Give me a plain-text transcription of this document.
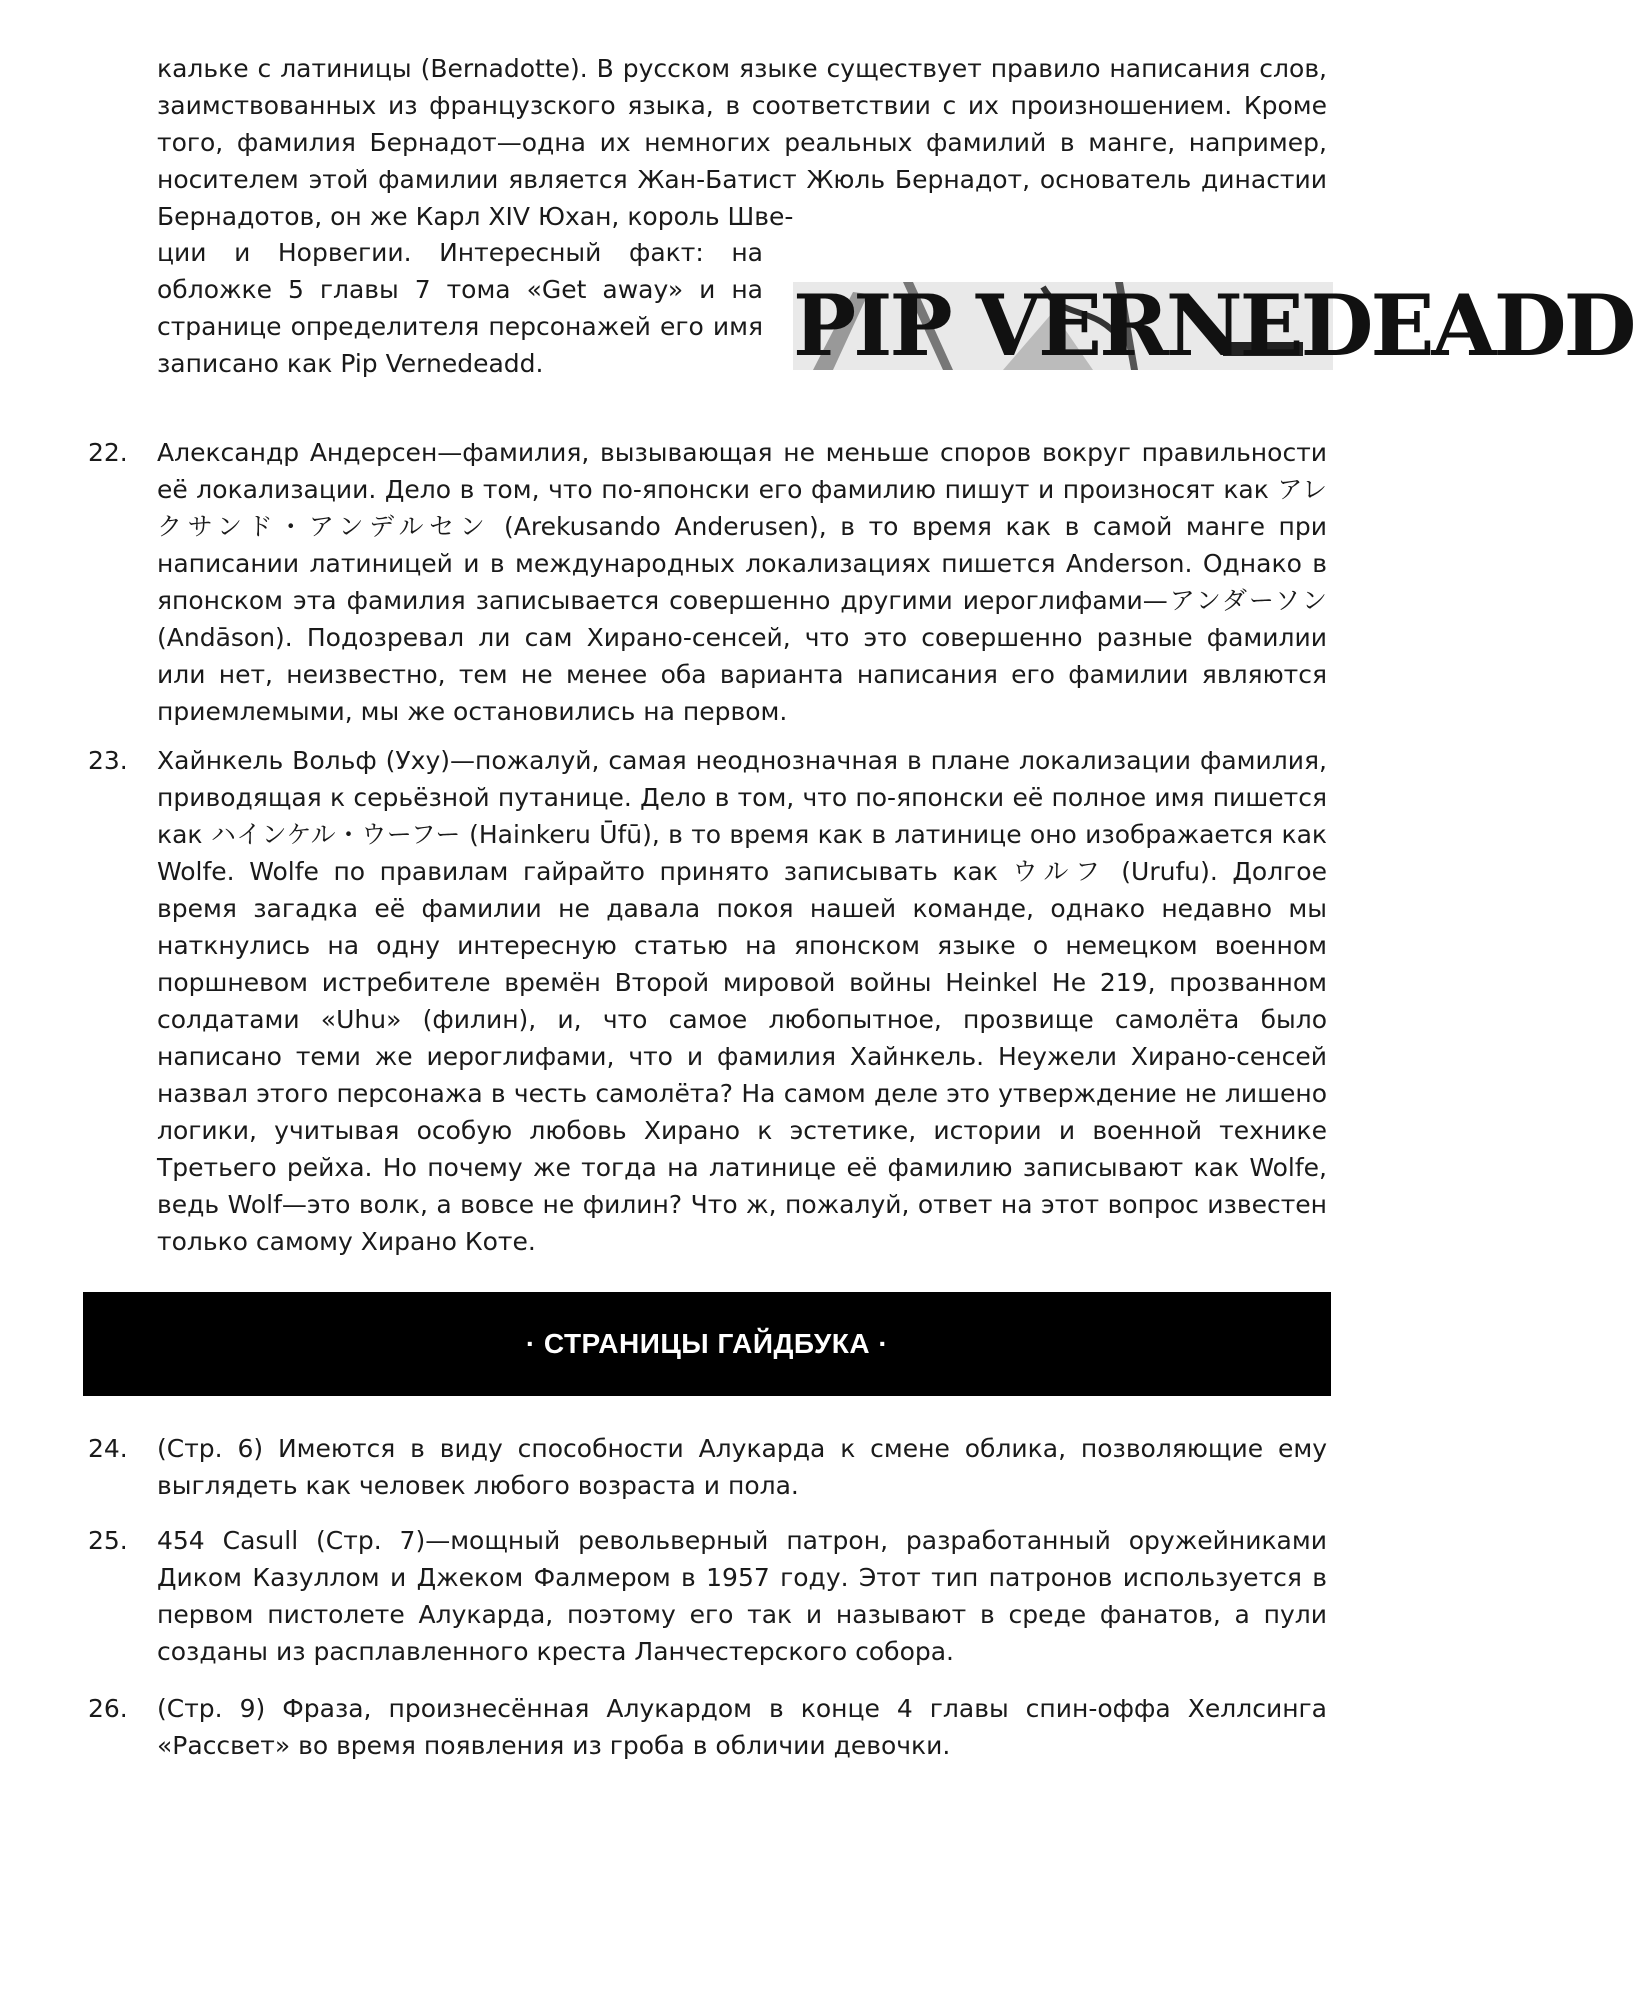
кальке с латиницы (Bernadotte). В русском языке существует правило написания слов, заимствованных из французского языка, в соответствии с их произношением. Кроме того, фамилия Бернадот—одна их немногих реальных фамилий в манге, например, носителем этой фамилии является Жан-Батист Жюль Бернадот, основатель династии Бернадотов, он же Карл XIV Юхан, король Шве-

ции и Норвегии. Интересный факт: на обложке 5 главы 7 тома «Get away» и на странице определителя персонажей его имя записано как Pip Vernedeadd.	PIP VERNEDEADD
22. Александр Андерсен—фамилия, вызывающая не меньше споров вокруг правильности её локализации. Дело в том, что по-японски его фамилию пишут и произносят как アレクサンド・アンデルセン (Arekusando Anderusen), в то время как в самой манге при написании латиницей и в международных локализациях пишется Anderson. Однако в японском эта фамилия записывается совершенно другими иероглифами—アンダーソン (Andāson). Подозревал ли сам Хирано-сенсей, что это совершенно разные фамилии или нет, неизвестно, тем не менее оба варианта написания его фамилии являются приемлемыми, мы же остановились на первом.

23. Хайнкель Вольф (Уху)—пожалуй, самая неоднозначная в плане локализации фамилия, приводящая к серьёзной путанице. Дело в том, что по-японски её полное имя пишется как ハインケル・ウーフー (Hainkeru Ūfū), в то время как в латинице оно изображается как Wolfe. Wolfe по правилам гайрайто принято записывать как ウルフ (Urufu). Долгое время загадка её фамилии не давала покоя нашей команде, однако недавно мы наткнулись на одну интересную статью на японском языке о немецком военном поршневом истребителе времён Второй мировой войны Heinkel He 219, прозванном солдатами «Uhu» (филин), и, что самое любопытное, прозвище самолёта было написано теми же иероглифами, что и фамилия Хайнкель. Неужели Хирано-сенсей назвал этого персонажа в честь самолёта? На самом деле это утверждение не лишено логики, учитывая особую любовь Хирано к эстетике, истории и военной технике Третьего рейха. Но почему же тогда на латинице её фамилию записывают как Wolfe, ведь Wolf—это волк, а вовсе не филин? Что ж, пожалуй, ответ на этот вопрос известен только самому Хирано Коте.

· СТРАНИЦЫ ГАЙДБУКА ·
24. (Стр. 6) Имеются в виду способности Алукарда к смене облика, позволяющие ему выглядеть как человек любого возраста и пола.

25. 454 Casull (Стр. 7)—мощный револьверный патрон, разработанный оружейниками Диком Казуллом и Джеком Фалмером в 1957 году. Этот тип патронов используется в первом пистолете Алукарда, поэтому его так и называют в среде фанатов, а пули созданы из расплавленного креста Ланчестерского собора.

26. (Стр. 9) Фраза, произнесённая Алукардом в конце 4 главы спин-оффа Хеллсинга «Рассвет» во время появления из гроба в обличии девочки.
